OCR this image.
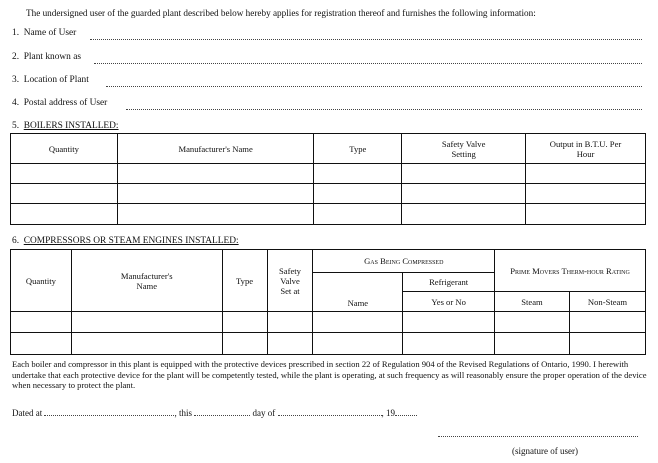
The undersigned user of the guarded plant described below hereby applies for registration thereof and furnishes the following information:
1. Name of User
2. Plant known as
3. Location of Plant
4. Postal address of User
5. BOILERS INSTALLED:
Quantity	Manufacturer's Name	Type	Safety Valve Setting	Output in B.T.U. Per Hour

6. COMPRESSORS OR STEAM ENGINES INSTALLED:
Quantity	Manufacturer's Name	Type	Safety Valve Set at	Gas Being Compressed		Prime Movers Therm-hour Rating	
				Name	Refrigerant		
					Yes or No	Steam	Non-Steam

Each boiler and compressor in this plant is equipped with the protective devices prescribed in section 22 of Regulation 904 of the Revised Regulations of Ontario, 1990. I herewith undertake that each protective device for the plant will be competently tested, while the plant is operating, at such frequency as will reasonably ensure the proper operation of the device when necessary to protect the plant.
Dated at	, this	day of	, 19
(signature of user)
